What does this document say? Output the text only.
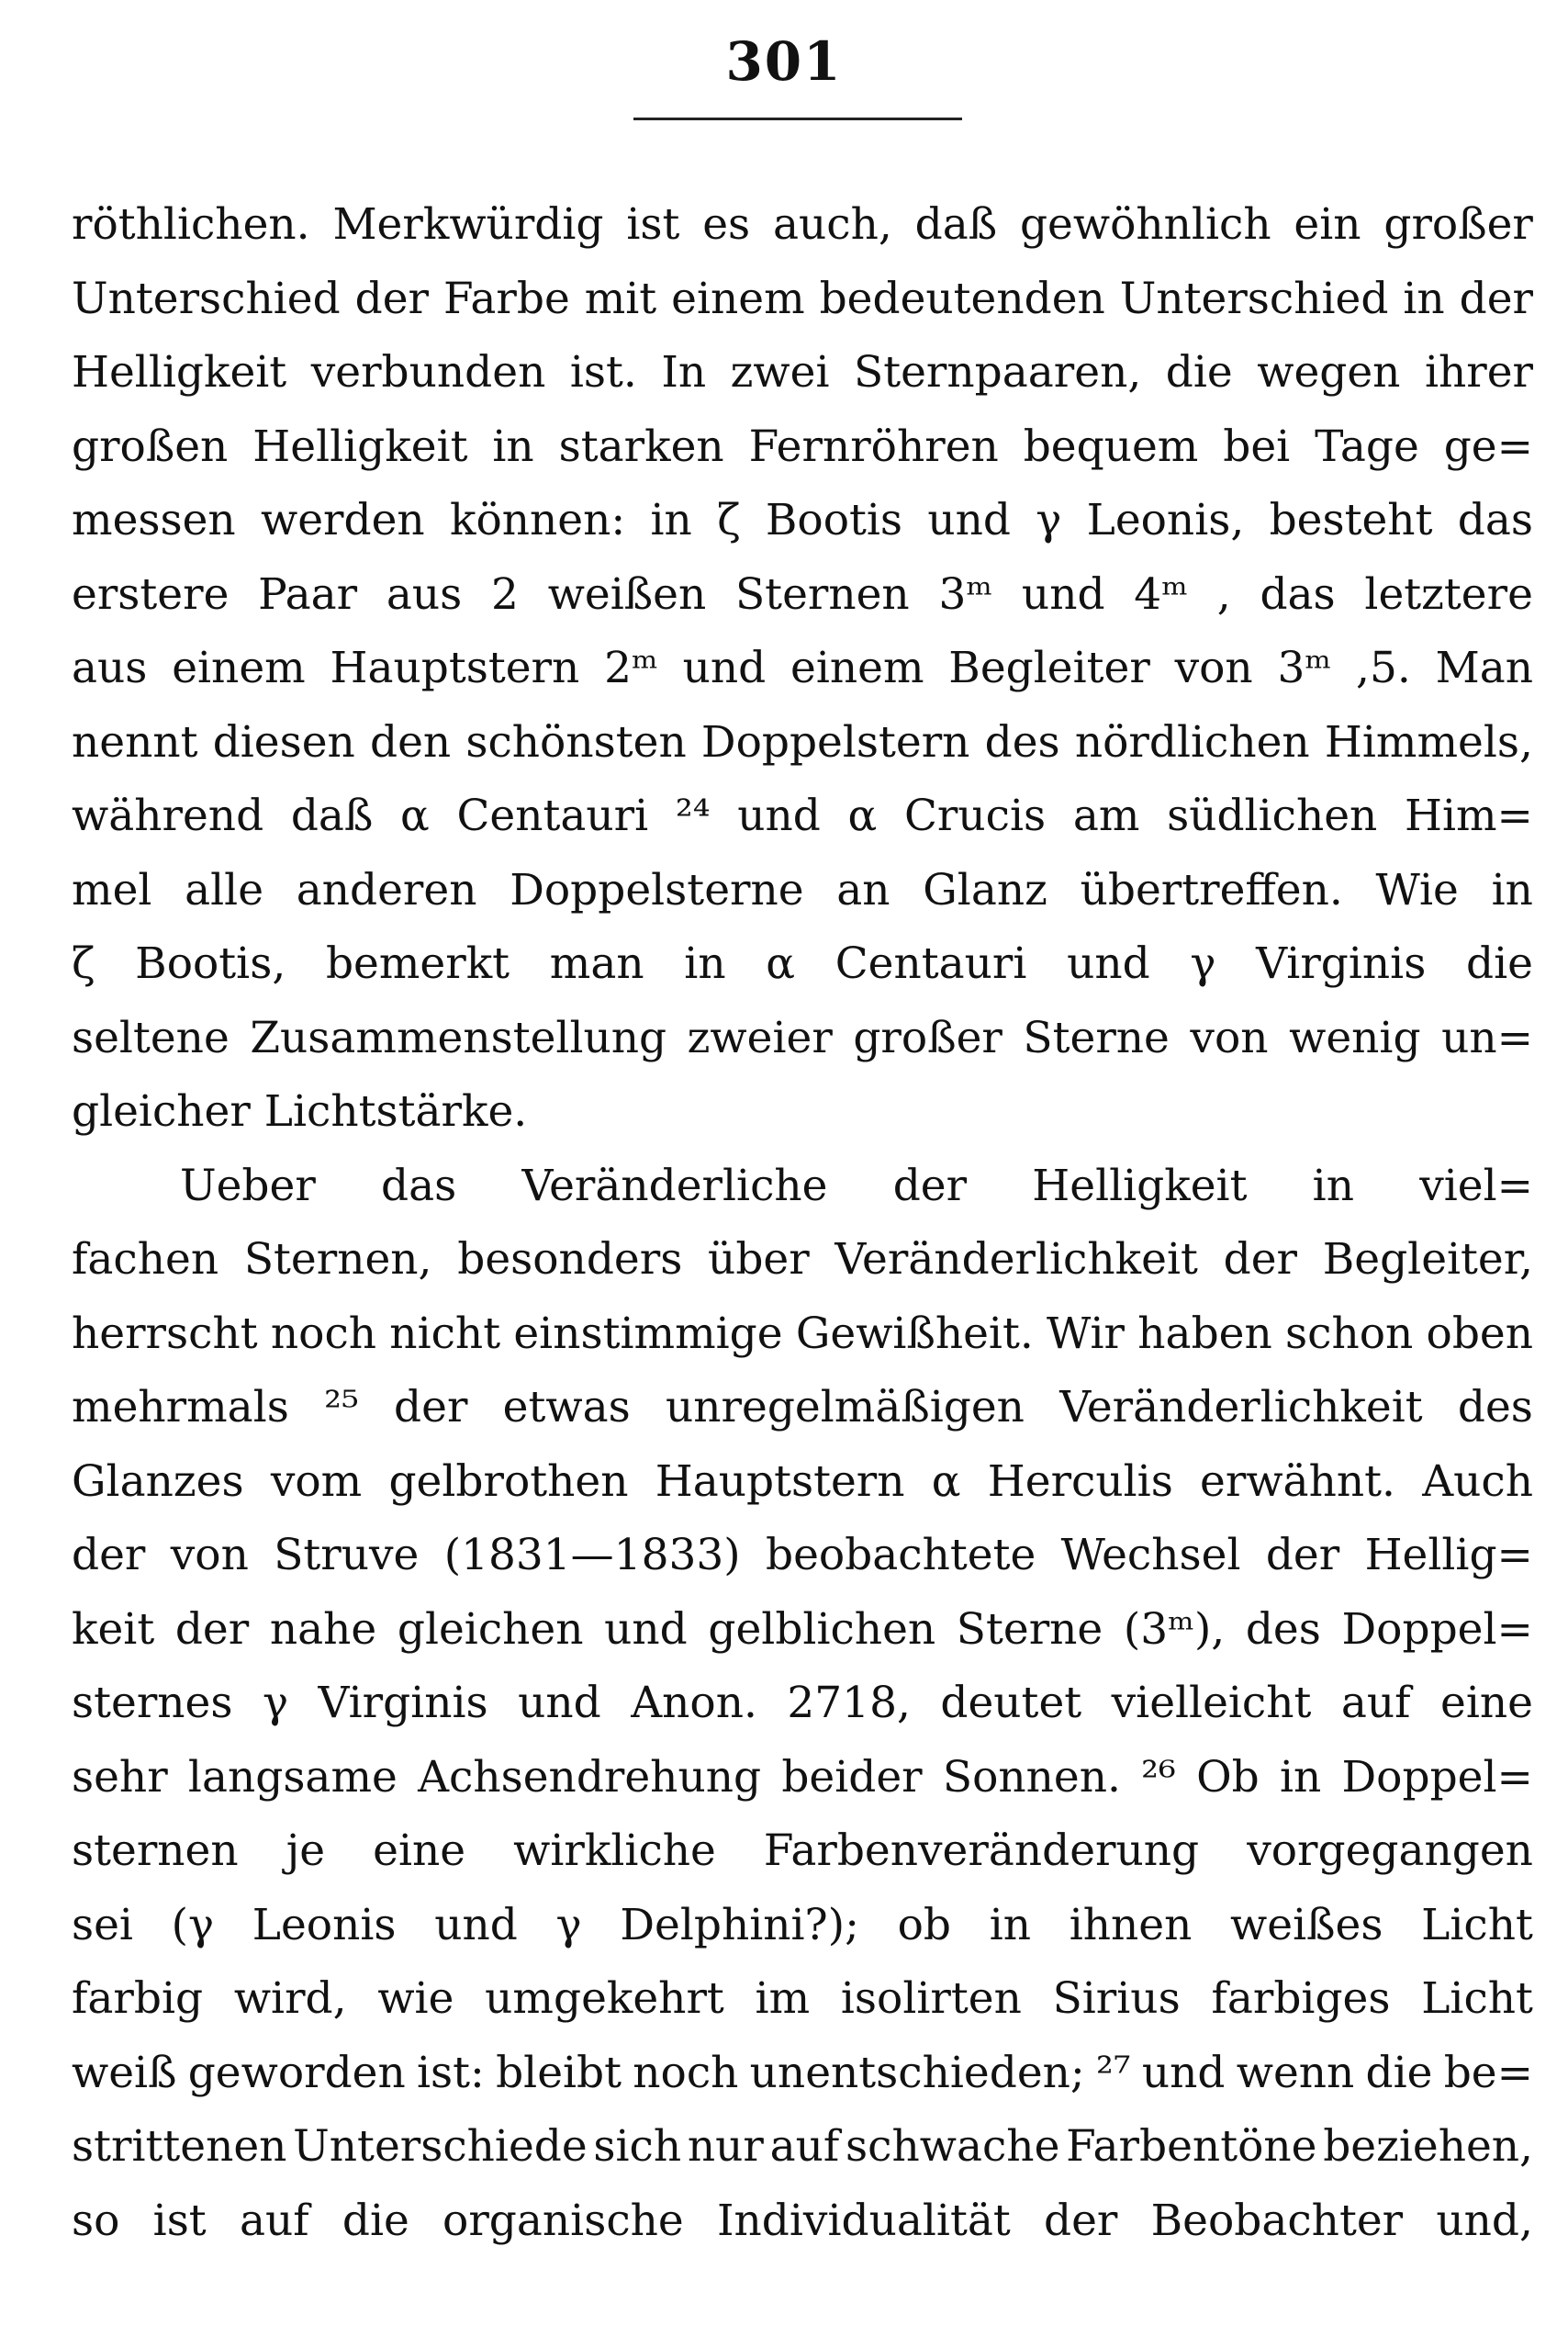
301
röthlichen. Merkwürdig ist es auch, daß gewöhnlich ein großer
Unterschied der Farbe mit einem bedeutenden Unterschied in der
Helligkeit verbunden ist. In zwei Sternpaaren, die wegen ihrer
großen Helligkeit in starken Fernröhren bequem bei Tage ge=
messen werden können: in ζ Bootis und γ Leonis, besteht das
erstere Paar aus 2 weißen Sternen 3ᵐ und 4ᵐ , das letztere
aus einem Hauptstern 2ᵐ und einem Begleiter von 3ᵐ ,5. Man
nennt diesen den schönsten Doppelstern des nördlichen Himmels,
während daß α Centauri ²⁴ und α Crucis am südlichen Him=
mel alle anderen Doppelsterne an Glanz übertreffen. Wie in
ζ Bootis, bemerkt man in α Centauri und γ Virginis die
seltene Zusammenstellung zweier großer Sterne von wenig un=
gleicher Lichtstärke.
Ueber das Veränderliche der Helligkeit in viel=
fachen Sternen, besonders über Veränderlichkeit der Begleiter,
herrscht noch nicht einstimmige Gewißheit. Wir haben schon oben
mehrmals ²⁵ der etwas unregelmäßigen Veränderlichkeit des
Glanzes vom gelbrothen Hauptstern α Herculis erwähnt. Auch
der von Struve (1831—1833) beobachtete Wechsel der Hellig=
keit der nahe gleichen und gelblichen Sterne (3ᵐ), des Doppel=
sternes γ Virginis und Anon. 2718, deutet vielleicht auf eine
sehr langsame Achsendrehung beider Sonnen. ²⁶ Ob in Doppel=
sternen je eine wirkliche Farbenveränderung vorgegangen
sei (γ Leonis und γ Delphini?); ob in ihnen weißes Licht
farbig wird, wie umgekehrt im isolirten Sirius farbiges Licht
weiß geworden ist: bleibt noch unentschieden; ²⁷ und wenn die be=
strittenen Unterschiede sich nur auf schwache Farbentöne beziehen,
so ist auf die organische Individualität der Beobachter und,
